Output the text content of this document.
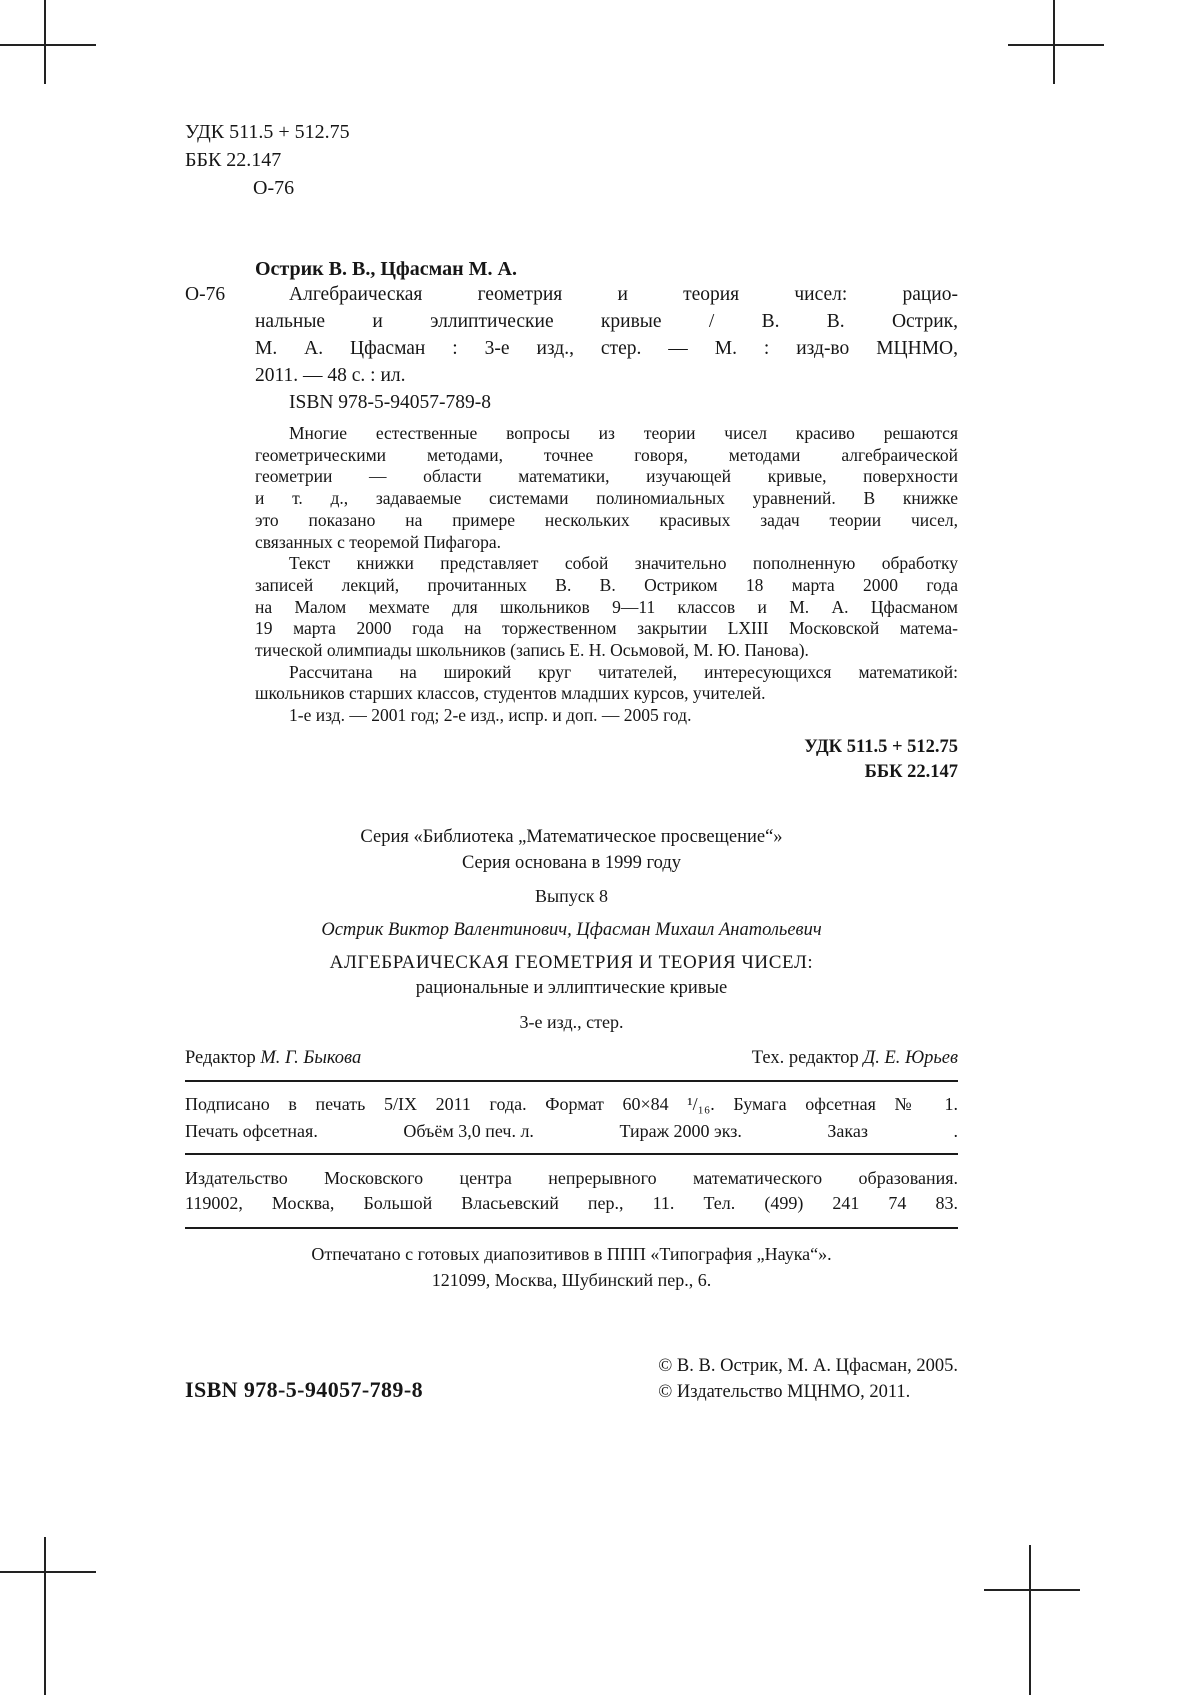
УДК 511.5 + 512.75
ББК 22.147
О-76
Острик В. В., Цфасман М. А.
О-76	Алгебраическая геометрия и теория чисел: рацио-
нальные и эллиптические кривые / В. В. Острик,
М. А. Цфасман : 3-е изд., стер. — М. : изд-во МЦНМО,
2011. — 48 с. : ил.
ISBN 978-5-94057-789-8
Многие естественные вопросы из теории чисел красиво решаются
геометрическими методами, точнее говоря, методами алгебраической
геометрии — области математики, изучающей кривые, поверхности
и т. д., задаваемые системами полиномиальных уравнений. В книжке
это показано на примере нескольких красивых задач теории чисел,
связанных с теоремой Пифагора.
Текст книжки представляет собой значительно пополненную обработку
записей лекций, прочитанных В. В. Остриком 18 марта 2000 года
на Малом мехмате для школьников 9—11 классов и М. А. Цфасманом
19 марта 2000 года на торжественном закрытии LXIII Московской матема-
тической олимпиады школьников (запись Е. Н. Осьмовой, М. Ю. Панова).
Рассчитана на широкий круг читателей, интересующихся математикой:
школьников старших классов, студентов младших курсов, учителей.
1-е изд. — 2001 год; 2-е изд., испр. и доп. — 2005 год.
УДК 511.5 + 512.75
ББК 22.147
Серия «Библиотека „Математическое просвещение“»
Серия основана в 1999 году
Выпуск 8
Острик Виктор Валентинович, Цфасман Михаил Анатольевич
АЛГЕБРАИЧЕСКАЯ ГЕОМЕТРИЯ И ТЕОРИЯ ЧИСЕЛ:
рациональные и эллиптические кривые
3-е изд., стер.
Редактор М. Г. Быкова	Тех. редактор Д. Е. Юрьев
Подписано в печать 5/IX 2011 года. Формат 60×84 ¹/₁₆. Бумага офсетная № 1.
Печать офсетная.	Объём 3,0 печ. л.	Тираж 2000 экз.	Заказ	.
Издательство Московского центра непрерывного математического образования.
119002, Москва, Большой Власьевский пер., 11. Тел. (499) 241 74 83.
Отпечатано с готовых диапозитивов в ППП «Типография „Наука“».
121099, Москва, Шубинский пер., 6.
ISBN 978-5-94057-789-8
© В. В. Острик, М. А. Цфасман, 2005.
© Издательство МЦНМО, 2011.
